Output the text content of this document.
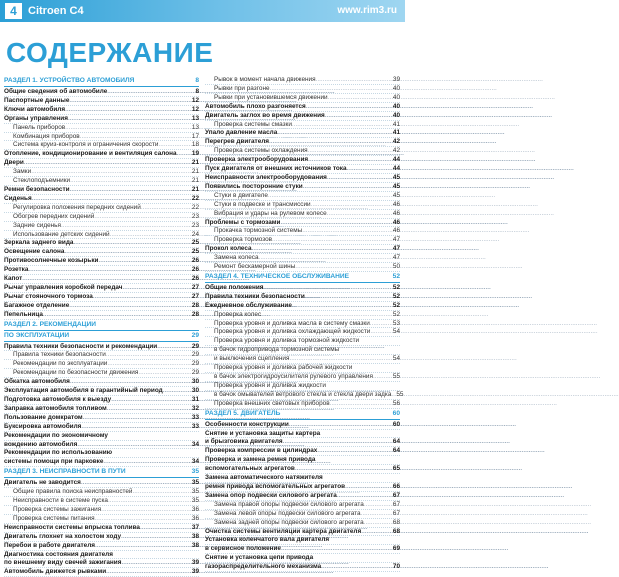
4	Citroen C4	www.rim3.ru
СОДЕРЖАНИЕ
РАЗДЕЛ 1. УСТРОЙСТВО АВТОМОБИЛЯ	8
Общие сведения об автомобиле .....	8
Паспортные данные .....	12
Ключи автомобиля .....	12
Органы управления .....	13
Панель приборов .....	13
Комбинация приборов .....	17
Система круиз-контроля и ограничения скорости .....	18
Отопление, кондиционирование и вентиляция салона ..... 19
Двери .....	21
Замки .....	21
Стеклоподъемники .....	21
Ремни безопасности .....	21
Сиденья .....	22
Регулировка положения передних сидений .....	22
Обогрев передних сидений .....	23
Задние сиденья .....	23
Использование детских сидений .....	24
Зеркала заднего вида .....	25
Освещение салона .....	25
Противосолнечные козырьки .....	26
Розетка .....	26
Капот .....	26
Рычаг управления коробкой передач .....	27
Рычаг стояночного тормоза .....	27
Багажное отделение .....	28
Пепельница .....	28
РАЗДЕЛ 2. РЕКОМЕНДАЦИИ
ПО ЭКСПЛУАТАЦИИ	29
Правила техники безопасности и рекомендации .....	29
Правила техники безопасности .....	29
Рекомендации по эксплуатации .....	29
Рекомендации по безопасности движения .....	29
Обкатка автомобиля .....	30
Эксплуатация автомобиля в гарантийный период .....	30
Подготовка автомобиля к выезду .....	31
Заправка автомобиля топливом .....	32
Пользование домкратом .....	33
Буксировка автомобиля .....	33
Рекомендации по экономичному
вождению автомобиля .....	34
Рекомендации по использованию
системы помощи при парковке .....	34
РАЗДЕЛ 3. НЕИСПРАВНОСТИ В ПУТИ	35
Двигатель не заводится .....	35
Общие правила поиска неисправностей .....	35
Неисправности в системе пуска .....	35
Проверка системы зажигания .....	36
Проверка системы питания .....	36
Неисправности системы впрыска топлива .....	37
Двигатель глохнет на холостом ходу .....	38
Перебои в работе двигателя .....	38
Диагностика состояния двигателя
по внешнему виду свечей зажигания .....	39
Автомобиль движется рывками .....	39
Рывок в момент начала движения .....	39
Рывки при разгоне .....	40
Рывки при установившемся движении .....	40
Автомобиль плохо разгоняется .....	40
Двигатель заглох во время движения .....	40
Проверка системы смазки .....	41
Упало давление масла .....	41
Перегрев двигателя .....	42
Проверка системы охлаждения .....	42
Проверка электрооборудования .....	44
Пуск двигателя от внешних источников тока .....	44
Неисправности электрооборудования .....	45
Появились посторонние стуки .....	45
Стуки в двигателе .....	45
Стуки в подвеске и трансмиссии .....	46
Вибрация и удары на рулевом колесе .....	46
Проблемы с тормозами .....	46
Прокачка тормозной системы .....	46
Проверка тормозов .....	47
Прокол колеса .....	47
Замена колеса .....	47
Ремонт бескамерной шины .....	50
РАЗДЕЛ 4. ТЕХНИЧЕСКОЕ ОБСЛУЖИВАНИЕ	52
Общие положения .....	52
Правила техники безопасности .....	52
Ежедневное обслуживание .....	52
Проверка колес .....	52
Проверка уровня и доливка масла в систему смазки .....	53
Проверка уровня и доливка охлаждающей жидкости .....	54
Проверка уровня и доливка тормозной жидкости
в бачок гидропривода тормозной системы
и выключения сцепления .....	54
Проверка уровня и доливка рабочей жидкости
в бачок электрогидроусилителя рулевого управления .....	55
Проверка уровня и доливка жидкости
в бачок омывателей ветрового стекла и стекла двери задка ..... 55
Проверка внешних световых приборов .....	56
РАЗДЕЛ 5. ДВИГАТЕЛЬ	60
Особенности конструкции .....	60
Снятие и установка защиты картера
и брызговика двигателя .....	64
Проверка компрессии в цилиндрах .....	64
Проверка и замена ремня привода
вспомогательных агрегатов .....	65
Замена автоматического натяжителя
ремня привода вспомогательных агрегатов .....	66
Замена опор подвески силового агрегата .....	67
Замена правой опоры подвески силового агрегата .....	67
Замена левой опоры подвески силового агрегата .....	67
Замена задней опоры подвески силового агрегата .....	68
Очистка системы вентиляции картера двигателя .....	68
Установка коленчатого вала двигателя
в сервисное положение .....	69
Снятие и установка цепи привода
газораспределительного механизма .....	70
